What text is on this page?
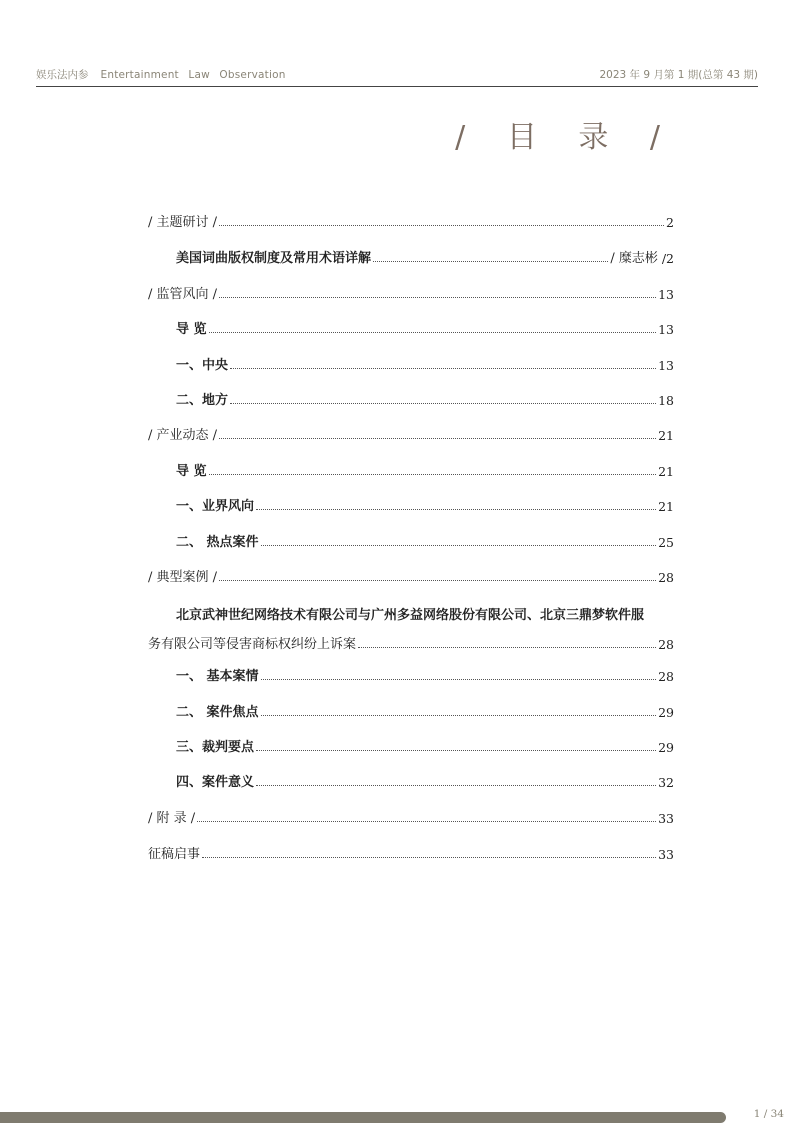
娱乐法内参 Entertainment Law Observation	2023 年 9 月第 1 期(总第 43 期)
/ 目 录 /
/ 主题研讨 /	2
美国词曲版权制度及常用术语详解	/ 糜志彬 /2
/ 监管风向 /	13
导 览	13
一、中央	13
二、地方	18
/ 产业动态 /	21
导 览	21
一、业界风向	21
二、 热点案件	25
/ 典型案例 /	28
北京武神世纪网络技术有限公司与广州多益网络股份有限公司、北京三鼎梦软件服
务有限公司等侵害商标权纠纷上诉案	28
一、 基本案情	28
二、 案件焦点	29
三、裁判要点	29
四、案件意义	32
/ 附 录 /	33
征稿启事	33
1 / 34
